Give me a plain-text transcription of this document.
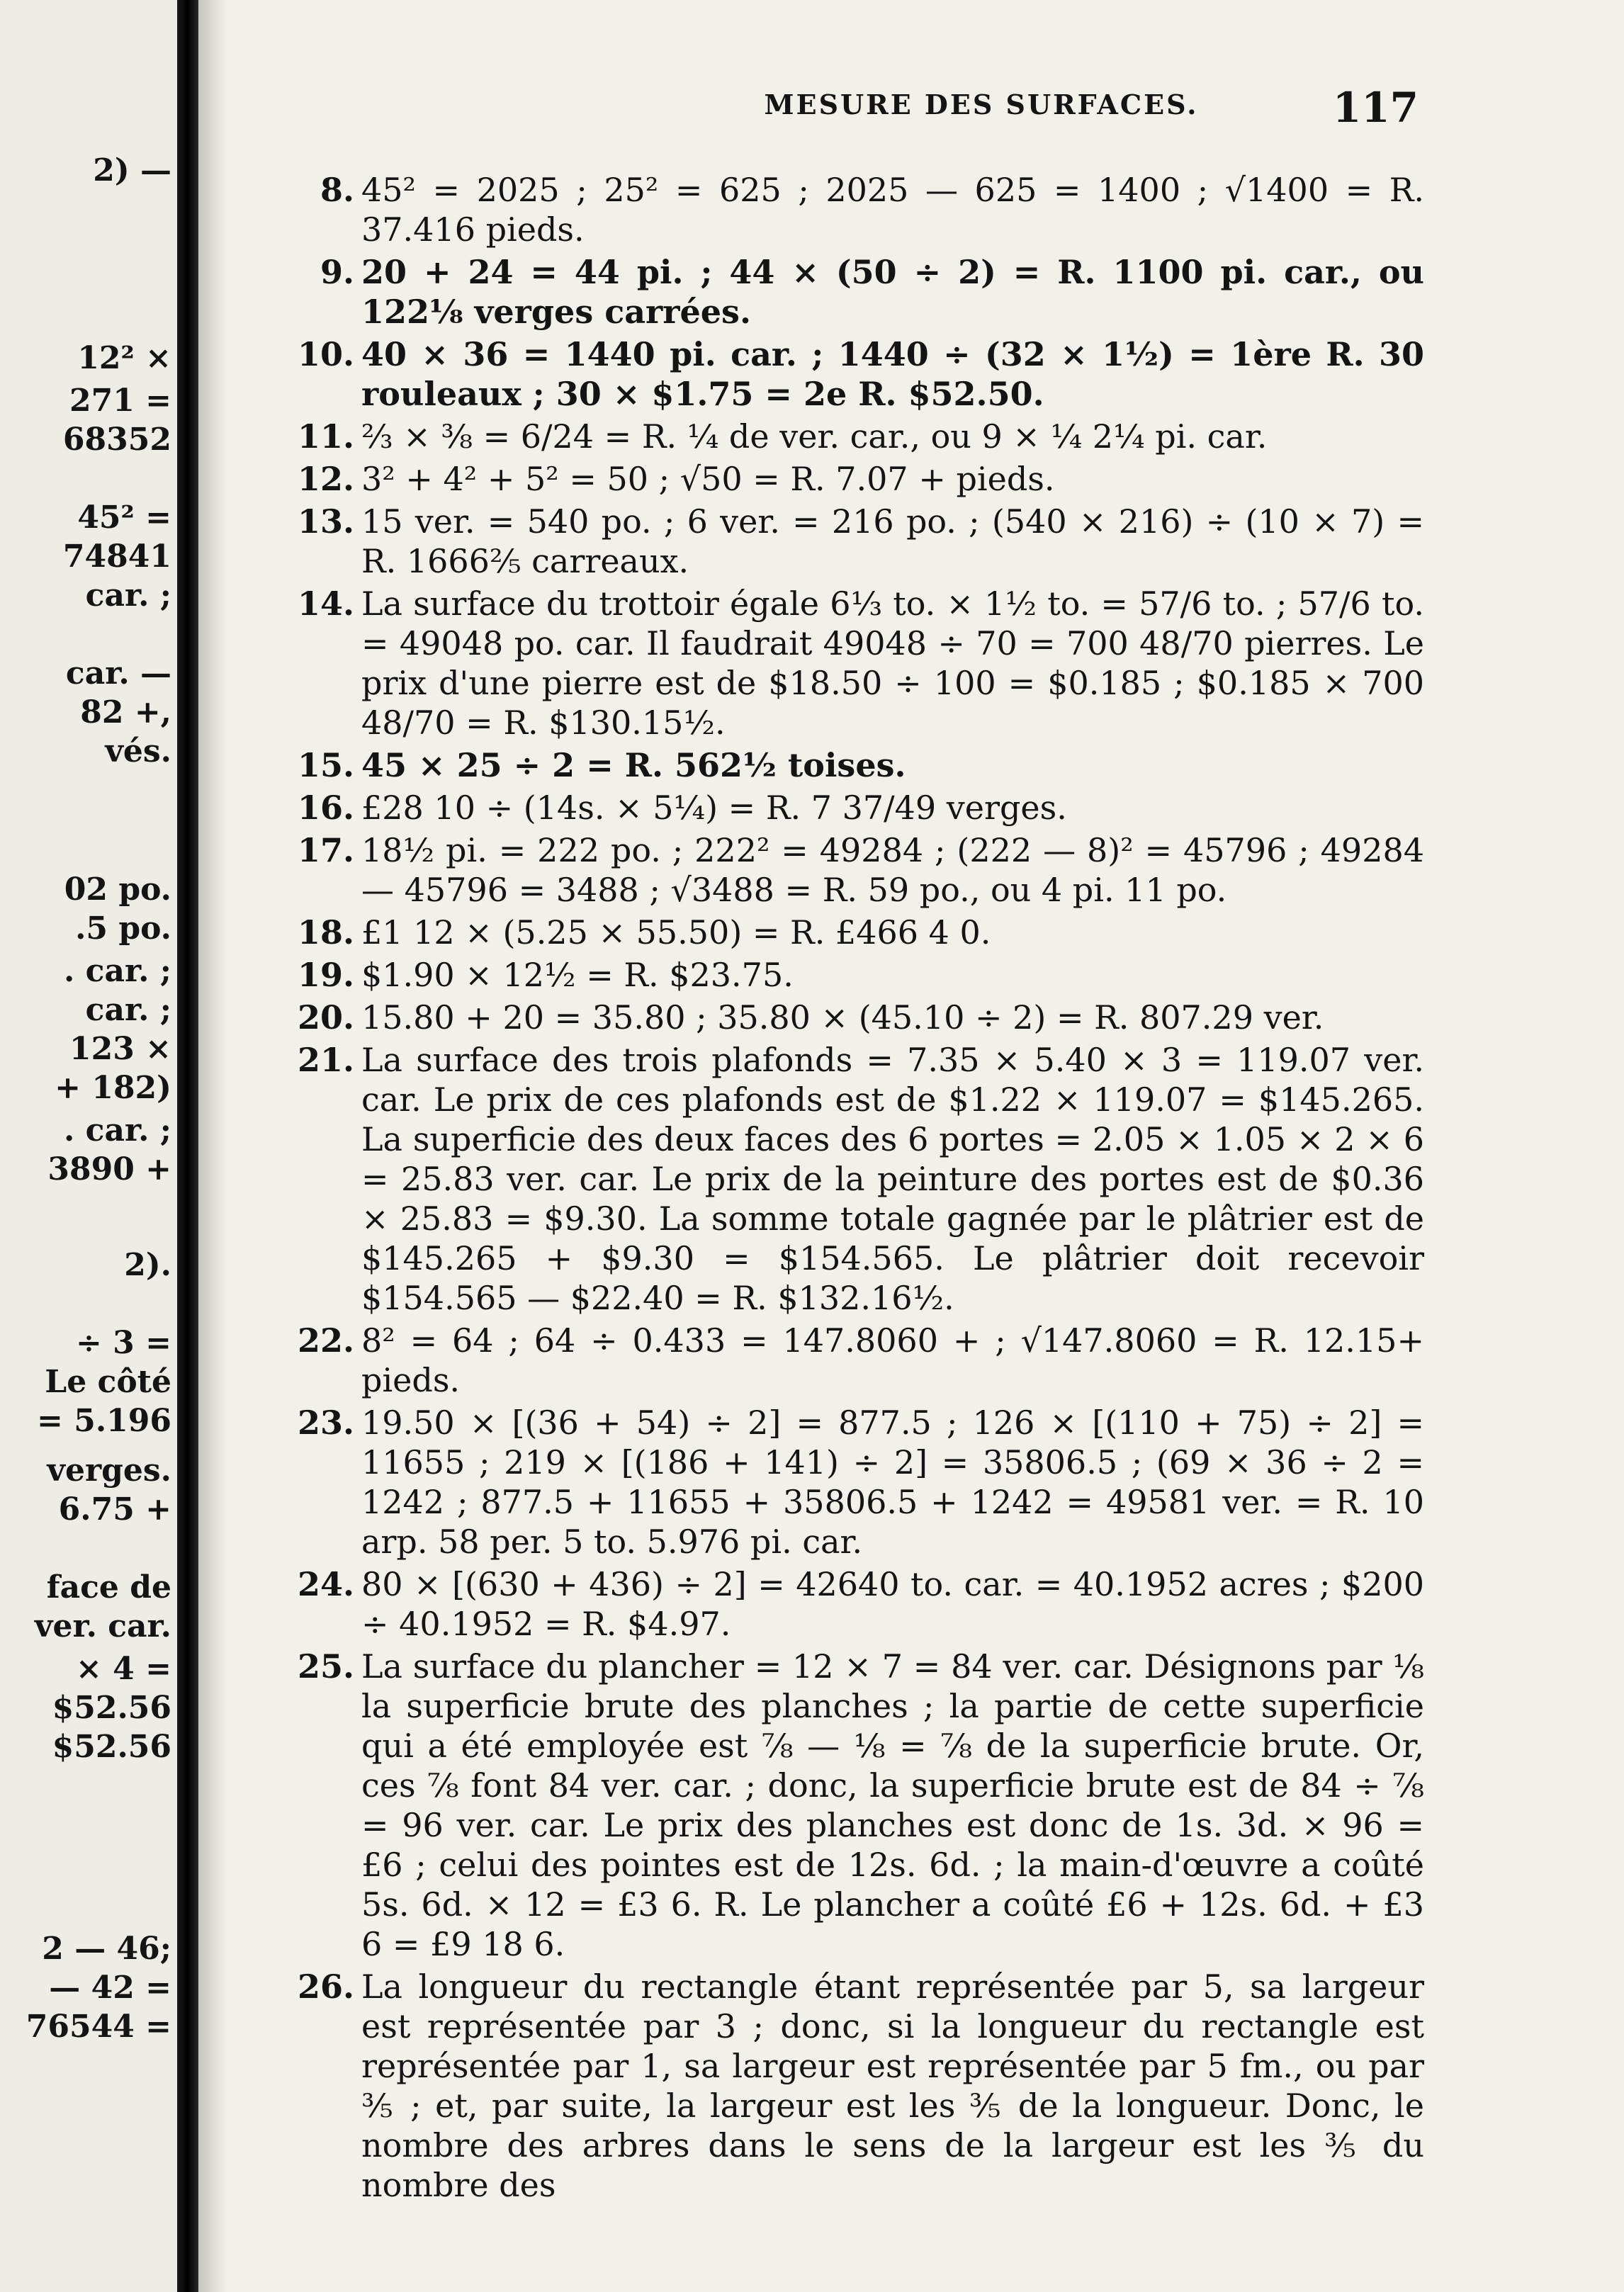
2) —
12² ×
271 =
68352
45² =
74841
car. ;
car. —
82 +,
vés.
02 po.
.5 po.
. car. ;
car. ;
123 ×
+ 182)
. car. ;
3890 +
2).
÷ 3 =
Le côté
= 5.196
verges.
6.75 +
face de
ver. car.
× 4 =
$52.56
$52.56
2 — 46;
— 42 =
76544 =
MESURE DES SURFACES.	117
8. 45² = 2025 ; 25² = 625 ; 2025 — 625 = 1400 ; √1400 = R. 37.416 pieds.
9. 20 + 24 = 44 pi. ; 44 × (50 ÷ 2) = R. 1100 pi. car., ou 122⅛ verges carrées.
10. 40 × 36 = 1440 pi. car. ; 1440 ÷ (32 × 1½) = 1ère R. 30 rouleaux ; 30 × $1.75 = 2e R. $52.50.
11. ⅔ × ⅜ = 6/24 = R. ¼ de ver. car., ou 9 × ¼ 2¼ pi. car.
12. 3² + 4² + 5² = 50 ; √50 = R. 7.07 + pieds.
13. 15 ver. = 540 po. ; 6 ver. = 216 po. ; (540 × 216) ÷ (10 × 7) = R. 1666⅖ carreaux.
14. La surface du trottoir égale 6⅓ to. × 1½ to. = 57/6 to. ; 57/6 to. = 49048 po. car. Il faudrait 49048 ÷ 70 = 700 48/70 pierres. Le prix d'une pierre est de $18.50 ÷ 100 = $0.185 ; $0.185 × 700 48/70 = R. $130.15½.
15. 45 × 25 ÷ 2 = R. 562½ toises.
16. £28 10 ÷ (14s. × 5¼) = R. 7 37/49 verges.
17. 18½ pi. = 222 po. ; 222² = 49284 ; (222 — 8)² = 45796 ; 49284 — 45796 = 3488 ; √3488 = R. 59 po., ou 4 pi. 11 po.
18. £1 12 × (5.25 × 55.50) = R. £466 4 0.
19. $1.90 × 12½ = R. $23.75.
20. 15.80 + 20 = 35.80 ; 35.80 × (45.10 ÷ 2) = R. 807.29 ver.
21. La surface des trois plafonds = 7.35 × 5.40 × 3 = 119.07 ver. car. Le prix de ces plafonds est de $1.22 × 119.07 = $145.265. La superficie des deux faces des 6 portes = 2.05 × 1.05 × 2 × 6 = 25.83 ver. car. Le prix de la peinture des portes est de $0.36 × 25.83 = $9.30. La somme totale gagnée par le plâtrier est de $145.265 + $9.30 = $154.565. Le plâtrier doit recevoir $154.565 — $22.40 = R. $132.16½.
22. 8² = 64 ; 64 ÷ 0.433 = 147.8060 + ; √147.8060 = R. 12.15+ pieds.
23. 19.50 × [(36 + 54) ÷ 2] = 877.5 ; 126 × [(110 + 75) ÷ 2] = 11655 ; 219 × [(186 + 141) ÷ 2] = 35806.5 ; (69 × 36 ÷ 2 = 1242 ; 877.5 + 11655 + 35806.5 + 1242 = 49581 ver. = R. 10 arp. 58 per. 5 to. 5.976 pi. car.
24. 80 × [(630 + 436) ÷ 2] = 42640 to. car. = 40.1952 acres ; $200 ÷ 40.1952 = R. $4.97.
25. La surface du plancher = 12 × 7 = 84 ver. car. Désignons par ⅛ la superficie brute des planches ; la partie de cette superficie qui a été employée est ⅞ — ⅛ = ⅞ de la superficie brute. Or, ces ⅞ font 84 ver. car. ; donc, la superficie brute est de 84 ÷ ⅞ = 96 ver. car. Le prix des planches est donc de 1s. 3d. × 96 = £6 ; celui des pointes est de 12s. 6d. ; la main-d'œuvre a coûté 5s. 6d. × 12 = £3 6. R. Le plancher a coûté £6 + 12s. 6d. + £3 6 = £9 18 6.
26. La longueur du rectangle étant représentée par 5, sa largeur est représentée par 3 ; donc, si la longueur du rectangle est représentée par 1, sa largeur est représentée par 5 fm., ou par ⅗ ; et, par suite, la largeur est les ⅗ de la longueur. Donc, le nombre des arbres dans le sens de la largeur est les ⅗ du nombre des
